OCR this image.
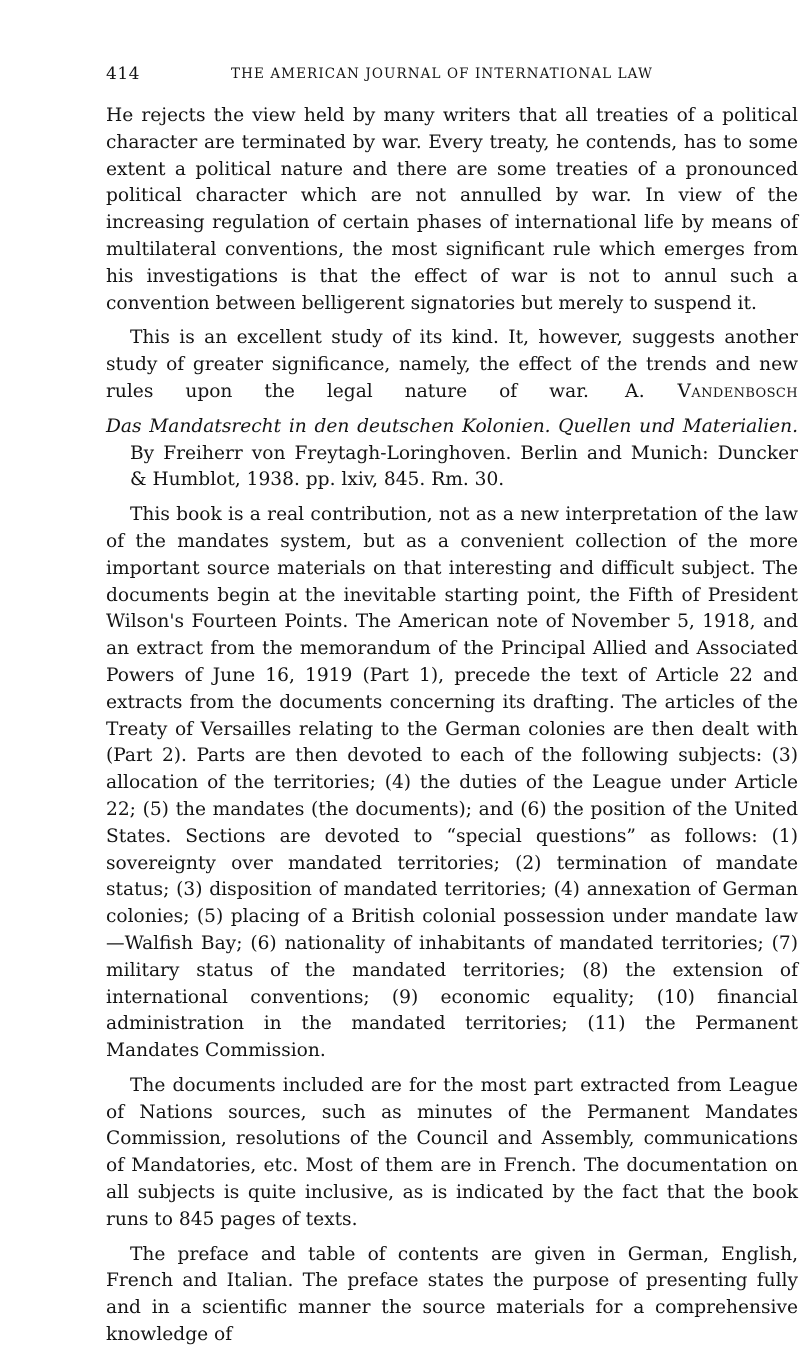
414	THE AMERICAN JOURNAL OF INTERNATIONAL LAW

He rejects the view held by many writers that all treaties of a political character are terminated by war. Every treaty, he contends, has to some extent a political nature and there are some treaties of a pronounced political character which are not annulled by war. In view of the increasing regulation of certain phases of international life by means of multilateral conventions, the most significant rule which emerges from his investigations is that the effect of war is not to annul such a convention between belligerent signatories but merely to suspend it.

This is an excellent study of its kind. It, however, suggests another study of greater significance, namely, the effect of the trends and new rules upon the legal nature of war. A. Vandenbosch

Das Mandatsrecht in den deutschen Kolonien. Quellen und Materialien. By Freiherr von Freytagh-Loringhoven. Berlin and Munich: Duncker & Humblot, 1938. pp. lxiv, 845. Rm. 30.

This book is a real contribution, not as a new interpretation of the law of the mandates system, but as a convenient collection of the more important source materials on that interesting and difficult subject. The documents begin at the inevitable starting point, the Fifth of President Wilson's Fourteen Points. The American note of November 5, 1918, and an extract from the memorandum of the Principal Allied and Associated Powers of June 16, 1919 (Part 1), precede the text of Article 22 and extracts from the documents concerning its drafting. The articles of the Treaty of Versailles relating to the German colonies are then dealt with (Part 2). Parts are then devoted to each of the following subjects: (3) allocation of the territories; (4) the duties of the League under Article 22; (5) the mandates (the documents); and (6) the position of the United States. Sections are devoted to “special questions” as follows: (1) sovereignty over mandated territories; (2) termination of mandate status; (3) disposition of mandated territories; (4) annexation of German colonies; (5) placing of a British colonial possession under mandate law—Walfish Bay; (6) nationality of inhabitants of mandated territories; (7) military status of the mandated territories; (8) the extension of international conventions; (9) economic equality; (10) financial administration in the mandated territories; (11) the Permanent Mandates Commission.

The documents included are for the most part extracted from League of Nations sources, such as minutes of the Permanent Mandates Commission, resolutions of the Council and Assembly, communications of Mandatories, etc. Most of them are in French. The documentation on all subjects is quite inclusive, as is indicated by the fact that the book runs to 845 pages of texts.

The preface and table of contents are given in German, English, French and Italian. The preface states the purpose of presenting fully and in a scientific manner the source materials for a comprehensive knowledge of
